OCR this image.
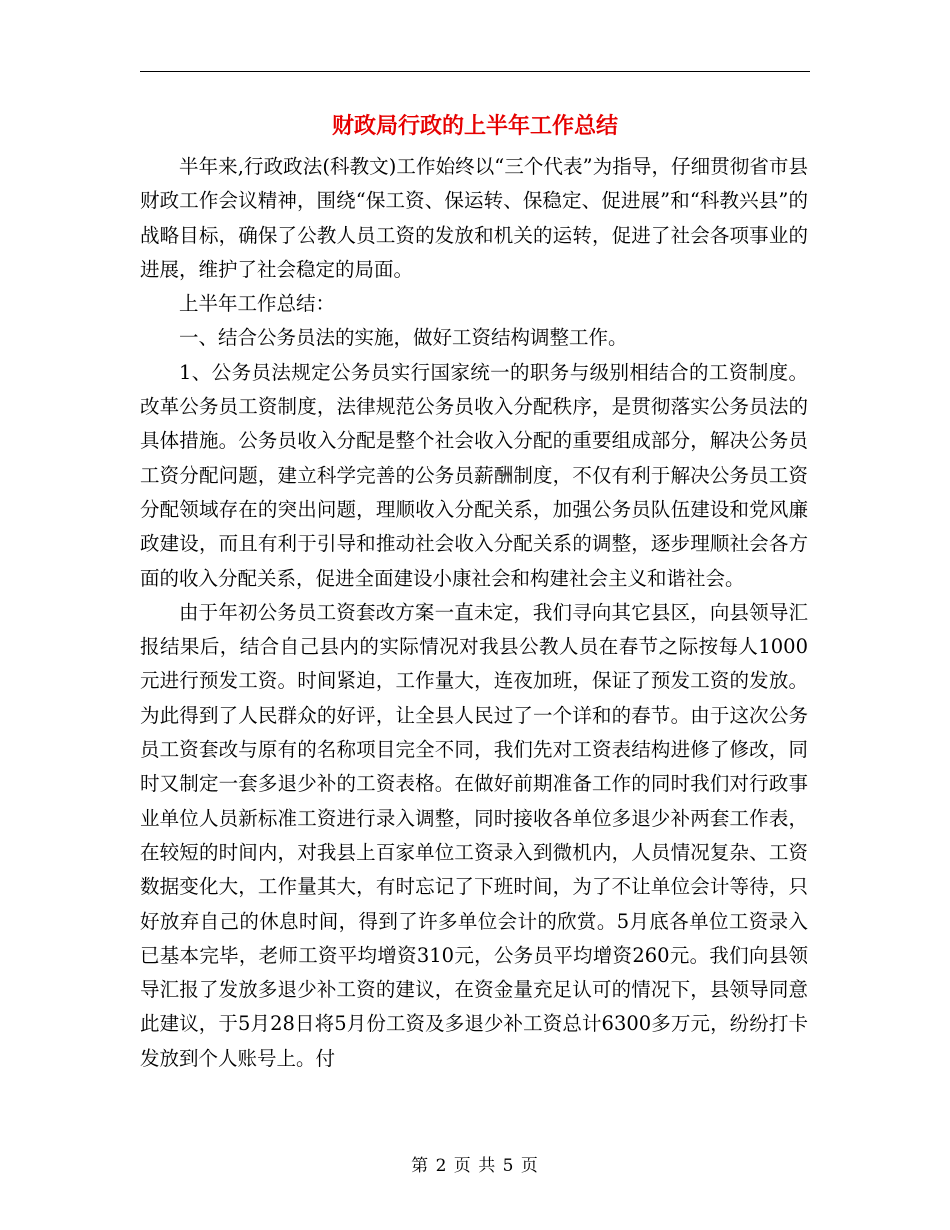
财政局行政的上半年工作总结

半年来,行政政法(科教文)工作始终以“三个代表”为指导，仔细贯彻省市县财政工作会议精神，围绕“保工资、保运转、保稳定、促进展”和“科教兴县”的战略目标，确保了公教人员工资的发放和机关的运转，促进了社会各项事业的进展，维护了社会稳定的局面。

上半年工作总结：

一、结合公务员法的实施，做好工资结构调整工作。

1、公务员法规定公务员实行国家统一的职务与级别相结合的工资制度。改革公务员工资制度，法律规范公务员收入分配秩序，是贯彻落实公务员法的具体措施。公务员收入分配是整个社会收入分配的重要组成部分，解决公务员工资分配问题，建立科学完善的公务员薪酬制度，不仅有利于解决公务员工资分配领域存在的突出问题，理顺收入分配关系，加强公务员队伍建设和党风廉政建设，而且有利于引导和推动社会收入分配关系的调整，逐步理顺社会各方面的收入分配关系，促进全面建设小康社会和构建社会主义和谐社会。

由于年初公务员工资套改方案一直未定，我们寻向其它县区，向县领导汇报结果后，结合自己县内的实际情况对我县公教人员在春节之际按每人1000元进行预发工资。时间紧迫，工作量大，连夜加班，保证了预发工资的发放。为此得到了人民群众的好评，让全县人民过了一个详和的春节。由于这次公务员工资套改与原有的名称项目完全不同，我们先对工资表结构进修了修改，同时又制定一套多退少补的工资表格。在做好前期准备工作的同时我们对行政事业单位人员新标准工资进行录入调整，同时接收各单位多退少补两套工作表，在较短的时间内，对我县上百家单位工资录入到微机内，人员情况复杂、工资数据变化大，工作量其大，有时忘记了下班时间，为了不让单位会计等待，只好放弃自己的休息时间，得到了许多单位会计的欣赏。5月底各单位工资录入已基本完毕，老师工资平均增资310元，公务员平均增资260元。我们向县领导汇报了发放多退少补工资的建议，在资金量充足认可的情况下，县领导同意此建议，于5月28日将5月份工资及多退少补工资总计6300多万元，纷纷打卡发放到个人账号上。付

第 2 页 共 5 页
